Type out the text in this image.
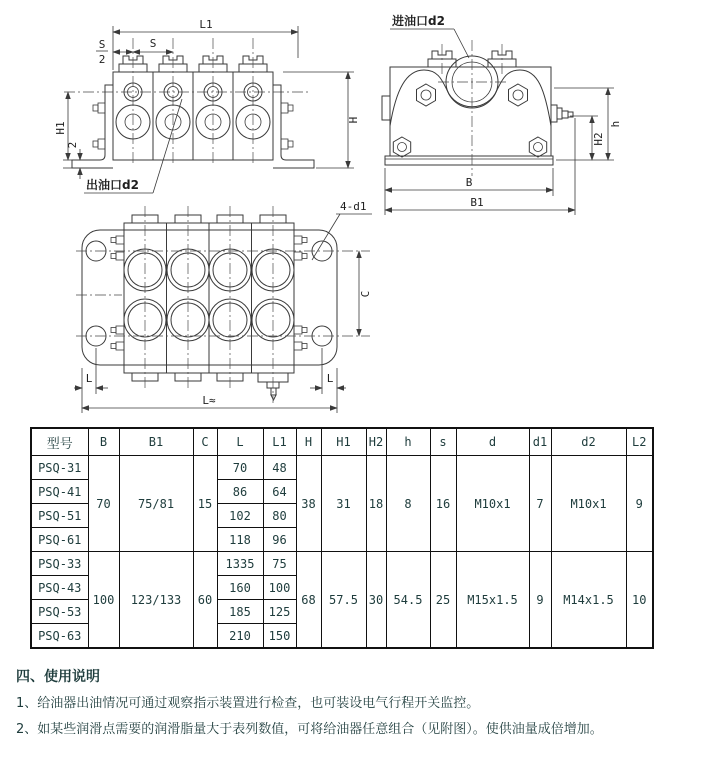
L1
S
2
S
H1
2
H
出油口d2	B
B1
h
H2
进油口d2
C
L	L
L≈
4-d1
型号	B	B1	C	L	L1	H	H1	H2	h	s	d	d1	d2	L2
PSQ-31	70	75/81	15	70	48	38	31	18	8	16	M10x1	7	M10x1	9
PSQ-41				86	64									
PSQ-51				102	80									
PSQ-61				118	96									
PSQ-33	100	123/133	60	1335	75	68	57.5	30	54.5	25	M15x1.5	9	M14x1.5	10
PSQ-43				160	100									
PSQ-53				185	125									
PSQ-63				210	150									

四、使用说明

1、给油器出油情况可通过观察指示装置进行检查，也可装设电气行程开关监控。

2、如某些润滑点需要的润滑脂量大于表列数值，可将给油器任意组合（见附图）。使供油量成倍增加。
